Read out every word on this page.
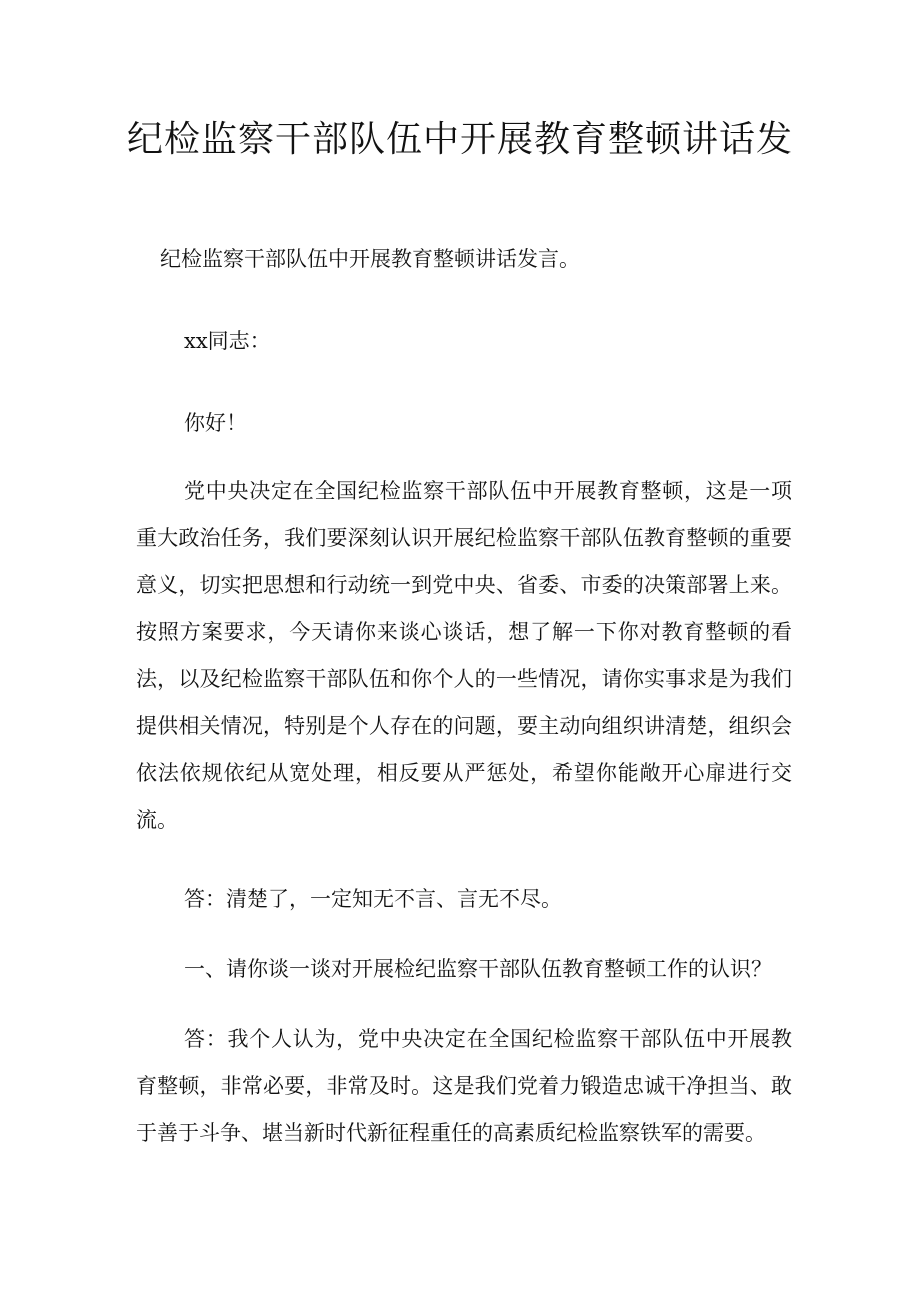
纪检监察干部队伍中开展教育整顿讲话发

纪检监察干部队伍中开展教育整顿讲话发言。

xx同志：

你好！

党中央决定在全国纪检监察干部队伍中开展教育整顿，这是一项重大政治任务，我们要深刻认识开展纪检监察干部队伍教育整顿的重要意义，切实把思想和行动统一到党中央、省委、市委的决策部署上来。按照方案要求，今天请你来谈心谈话，想了解一下你对教育整顿的看法，以及纪检监察干部队伍和你个人的一些情况，请你实事求是为我们提供相关情况，特别是个人存在的问题，要主动向组织讲清楚，组织会依法依规依纪从宽处理，相反要从严惩处，希望你能敞开心扉进行交流。

答：清楚了，一定知无不言、言无不尽。

一、请你谈一谈对开展检纪监察干部队伍教育整顿工作的认识？

答：我个人认为，党中央决定在全国纪检监察干部队伍中开展教育整顿，非常必要，非常及时。这是我们党着力锻造忠诚干净担当、敢于善于斗争、堪当新时代新征程重任的高素质纪检监察铁军的需要。
